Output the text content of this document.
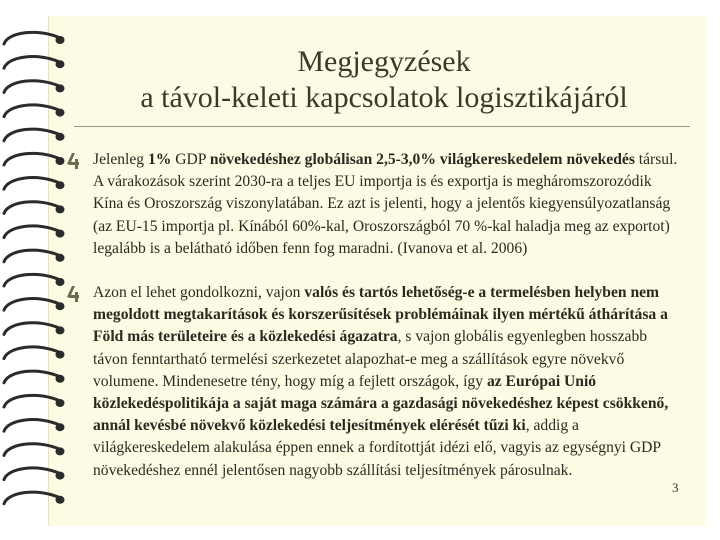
Megjegyzések
a távol-keleti kapcsolatok logisztikájáról
Jelenleg 1% GDP növekedéshez globálisan 2,5-3,0% világkereskedelem növekedés társul. A várakozások szerint 2030-ra a teljes EU importja is és exportja is megháromszorozódik Kína és Oroszország viszonylatában. Ez azt is jelenti, hogy a jelentős kiegyensúlyozatlanság (az EU-15 importja pl. Kínából 60%-kal, Oroszországból 70 %-kal haladja meg az exportot) legalább is a belátható időben fenn fog maradni. (Ivanova et al. 2006)
Azon el lehet gondolkozni, vajon valós és tartós lehetőség-e a termelésben helyben nem megoldott megtakarítások és korszerűsítések problémáinak ilyen mértékű áthárítása a Föld más területeire és a közlekedési ágazatra, s vajon globális egyenlegben hosszabb távon fenntartható termelési szerkezetet alapozhat-e meg a szállítások egyre növekvő volumene. Mindenesetre tény, hogy míg a fejlett országok, így az Európai Unió közlekedéspolitikája a saját maga számára a gazdasági növekedéshez képest csökkenő, annál kevésbé növekvő közlekedési teljesítmények elérését tűzi ki, addig a világkereskedelem alakulása éppen ennek a fordítottját idézi elő, vagyis az egységnyi GDP növekedéshez ennél jelentősen nagyobb szállítási teljesítmények párosulnak.
3
